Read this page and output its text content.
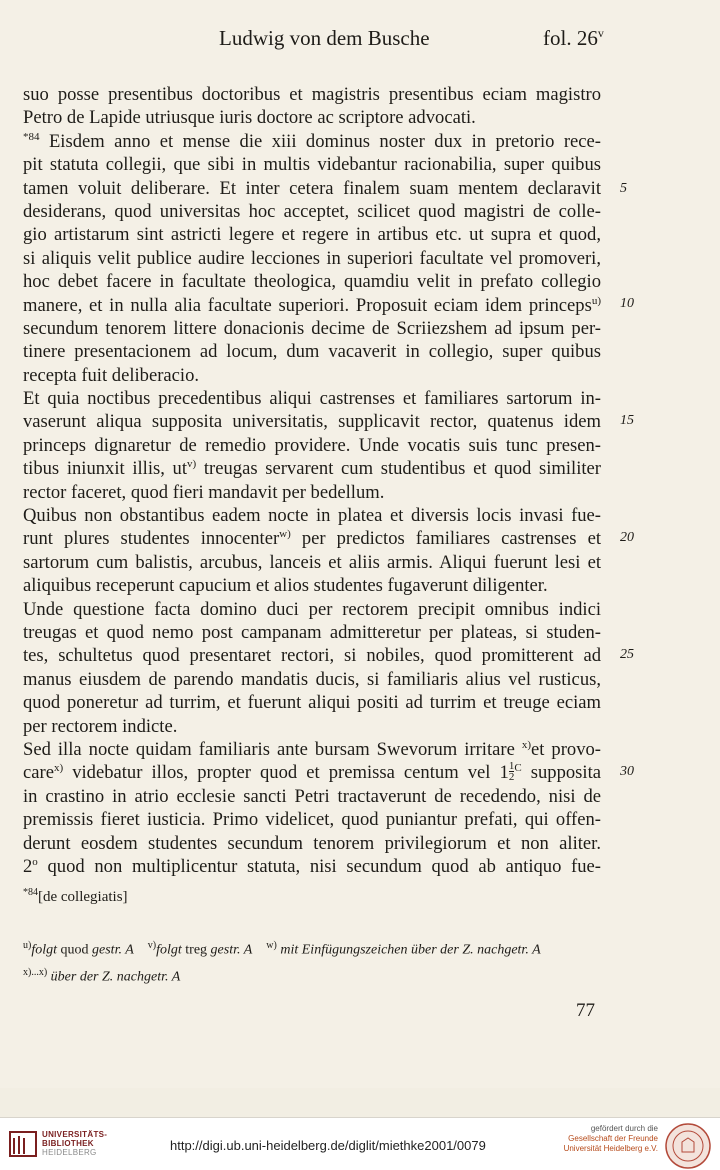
Ludwig von dem Busche	fol. 26$^v$
suo posse presentibus doctoribus et magistris presentibus eciam magistro
Petro de Lapide utriusque iuris doctore ac scriptore advocati.
$^{*84}$ Eisdem anno et mense die xiii dominus noster dux in pretorio rece-
pit statuta collegii, que sibi in multis videbantur racionabilia, super quibus
tamen voluit deliberare. Et inter cetera finalem suam mentem declaravit
desiderans, quod universitas hoc acceptet, scilicet quod magistri de colle-
gio artistarum sint astricti legere et regere in artibus etc. ut supra et quod,
si aliquis velit publice audire lecciones in superiori facultate vel promoveri,
hoc debet facere in facultate theologica, quamdiu velit in prefato collegio
manere, et in nulla alia facultate superiori. Proposuit eciam idem princeps$^{u)}$
secundum tenorem littere donacionis decime de Scriiezshem ad ipsum per-
tinere presentacionem ad locum, dum vacaverit in collegio, super quibus
recepta fuit deliberacio.
Et quia noctibus precedentibus aliqui castrenses et familiares sartorum in-
vaserunt aliqua supposita universitatis, supplicavit rector, quatenus idem
princeps dignaretur de remedio providere. Unde vocatis suis tunc presen-
tibus iniunxit illis, ut$^{v)}$ treugas servarent cum studentibus et quod similiter
rector faceret, quod fieri mandavit per bedellum.
Quibus non obstantibus eadem nocte in platea et diversis locis invasi fue-
runt plures studentes innocenter$^{w)}$ per predictos familiares castrenses et
sartorum cum balistis, arcubus, lanceis et aliis armis. Aliqui fuerunt lesi et
aliquibus receperunt capucium et alios studentes fugaverunt diligenter.
Unde questione facta domino duci per rectorem precipit omnibus indici
treugas et quod nemo post campanam admitteretur per plateas, si studen-
tes, schultetus quod presentaret rectori, si nobiles, quod promitterent ad
manus eiusdem de parendo mandatis ducis, si familiaris alius vel rusticus,
quod poneretur ad turrim, et fuerunt aliqui positi ad turrim et treuge eciam
per rectorem indicte.
Sed illa nocte quidam familiaris ante bursam Swevorum irritare $^{x)}$et provo-
care$^{x)}$ videbatur illos, propter quod et premissa centum vel $1 \frac{1}{2} ^C$ supposita
in crastino in atrio ecclesie sancti Petri tractaverunt de recedendo, nisi de
premissis fieret iusticia. Primo videlicet, quod puniantur prefati, qui offen-
derunt eosdem studentes secundum tenorem privilegiorum et non aliter.
2$^o$ quod non multiplicentur statuta, nisi secundum quod ab antiquo fue-
5
10
15
20
25
30
$^{*84}$[de collegiatis]
$^{u)}$folgt quod gestr. A $^{v)}$folgt treg gestr. A $^{w)}$ mit Einfügungszeichen über der Z. nachgetr. A
$^{x)...x)}$ über der Z. nachgetr. A
77
UNIVERSITÄTS-
BIBLIOTHEK
HEIDELBERG	http://digi.ub.uni-heidelberg.de/diglit/miethke2001/0079
gefördert durch die
Gesellschaft der Freunde
Universität Heidelberg e.V.
